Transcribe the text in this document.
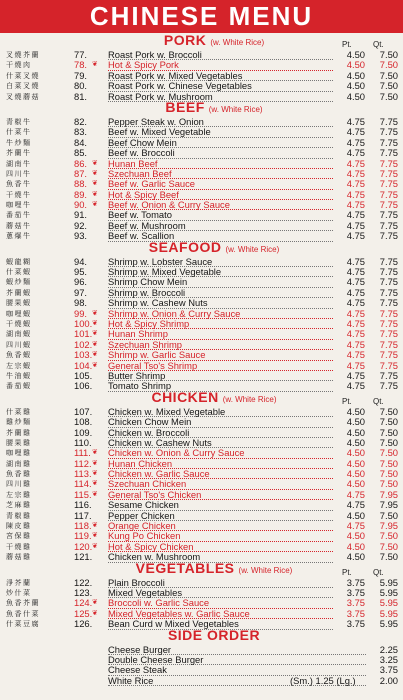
CHINESE MENU
PORK (w. White Rice)	Pt.	Qt.
叉燒芥蘭	77.	Roast Pork w. Broccoli	4.50	7.50
干燒肉	78. ❦ Hot & Spicy Pork	4.50	7.50
什菜叉燒	79.	Roast Pork w. Mixed Vegetables	4.50	7.50
白菜叉燒	80.	Roast Pork w. Chinese Vegetables	4.50	7.50
叉燒蘑菇	81.	Roast Pork w. Mushroom	4.50	7.50
BEEF (w. White Rice)
青椒牛	82.	Pepper Steak w. Onion	4.75	7.75
什菜牛	83.	Beef w. Mixed Vegetable	4.75	7.75
牛炒麵	84.	Beef Chow Mein	4.75	7.75
芥蘭牛	85.	Beef w. Broccoli	4.75	7.75
湖南牛	86. ❦ Hunan Beef	4.75	7.75
四川牛	87. ❦ Szechuan Beef	4.75	7.75
魚香牛	88. ❦ Beef w. Garlic Sauce	4.75	7.75
干燒牛	89. ❦ Hot & Spicy Beef	4.75	7.75
咖哩牛	90. ❦ Beef w. Onion & Curry Sauce	4.75	7.75
番茄牛	91.	Beef w. Tomato	4.75	7.75
蘑菇牛	92.	Beef w. Mushroom	4.75	7.75
蔥爆牛	93.	Beef w. Scallion	4.75	7.75
SEAFOOD (w. White Rice)
蝦龍糊	94.	Shrimp w. Lobster Sauce	4.75	7.75
什菜蝦	95.	Shrimp w. Mixed Vegetable	4.75	7.75
蝦炒麵	96.	Shrimp Chow Mein	4.75	7.75
芥蘭蝦	97.	Shrimp w. Broccoli	4.75	7.75
腰果蝦	98.	Shrimp w. Cashew Nuts	4.75	7.75
咖哩蝦	99. ❦ Shrimp w. Onion & Curry Sauce	4.75	7.75
干燒蝦	100. ❦ Hot & Spicy Shrimp	4.75	7.75
湖南蝦	101. ❦ Hunan Shrimp	4.75	7.75
四川蝦	102. ❦ Szechuan Shrimp	4.75	7.75
魚香蝦	103. ❦ Shrimp w. Garlic Sauce	4.75	7.75
左宗蝦	104. ❦ General Tso's Shrimp	4.75	7.75
牛油蝦	105.	Butter Shrimp	4.75	7.75
番茄蝦	106.	Tomato Shrimp	4.75	7.75
CHICKEN (w. White Rice)	Pt.	Qt.
什菜雞	107.	Chicken w. Mixed Vegetable	4.50	7.50
雞炒麵	108.	Chicken Chow Mein	4.50	7.50
芥蘭雞	109.	Chicken w. Broccoli	4.50	7.50
腰果雞	110.	Chicken w. Cashew Nuts	4.50	7.50
咖哩雞	111. ❦ Chicken w. Onion & Curry Sauce	4.50	7.50
湖南雞	112. ❦ Hunan Chicken	4.50	7.50
魚香雞	113. ❦ Chicken w. Garlic Sauce	4.50	7.50
四川雞	114. ❦ Szechuan Chicken	4.50	7.50
左宗雞	115. ❦ General Tso's Chicken	4.75	7.95
芝麻雞	116.	Sesame Chicken	4.75	7.95
青椒雞	117.	Pepper Chicken	4.50	7.50
陳皮雞	118. ❦ Orange Chicken	4.75	7.95
宮保雞	119. ❦ Kung Po Chicken	4.50	7.50
干燒雞	120. ❦ Hot & Spicy Chicken	4.50	7.50
蘑菇雞	121.	Chicken w. Mushroom	4.50	7.50
VEGETABLES (w. White Rice)	Pt.	Qt.
淨芥蘭	122.	Plain Broccoli	3.75	5.95
炒什菜	123.	Mixed Vegetables	3.75	5.95
魚香芥蘭	124. ❦ Broccoli w. Garlic Sauce	3.75	5.95
魚香什菜	125. ❦ Mixed Vegetables w. Garlic Sauce	3.75	5.95
什菜豆腐	126.	Bean Curd w Mixed Vegetables	3.75	5.95
SIDE ORDER
Cheese Burger	2.25
Double Cheese Burger	3.25
Cheese Steak	3.75
White Rice	(Sm.) 1.25 (Lg.)	2.00
